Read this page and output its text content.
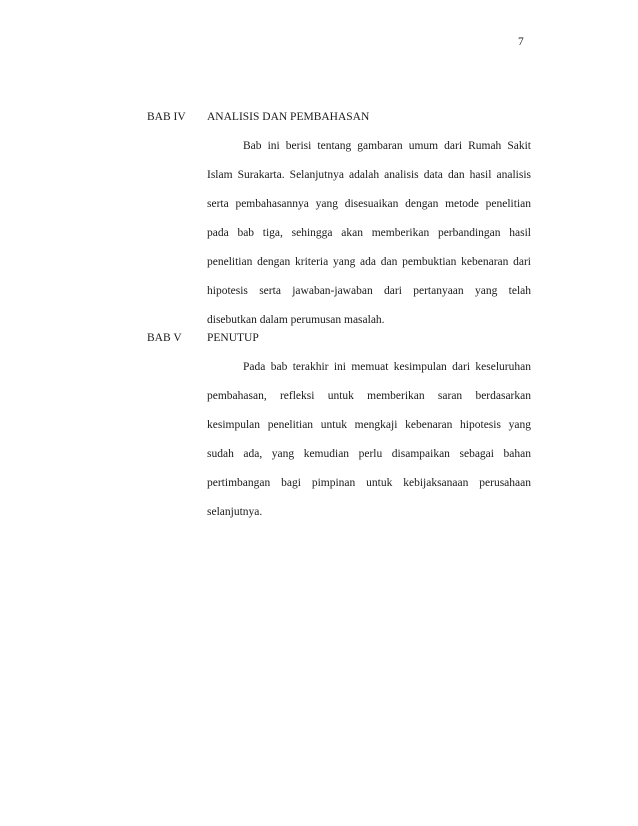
7
BAB IV	ANALISIS DAN PEMBAHASAN
Bab ini berisi tentang gambaran umum dari Rumah Sakit
Islam Surakarta. Selanjutnya adalah analisis data dan hasil analisis
serta pembahasannya yang disesuaikan dengan metode penelitian
pada bab tiga, sehingga akan memberikan perbandingan hasil
penelitian dengan kriteria yang ada dan pembuktian kebenaran dari
hipotesis serta jawaban-jawaban dari pertanyaan yang telah
disebutkan dalam perumusan masalah.
BAB V	PENUTUP
Pada bab terakhir ini memuat kesimpulan dari keseluruhan
pembahasan, refleksi untuk memberikan saran berdasarkan
kesimpulan penelitian untuk mengkaji kebenaran hipotesis yang
sudah ada, yang kemudian perlu disampaikan sebagai bahan
pertimbangan bagi pimpinan untuk kebijaksanaan perusahaan
selanjutnya.
